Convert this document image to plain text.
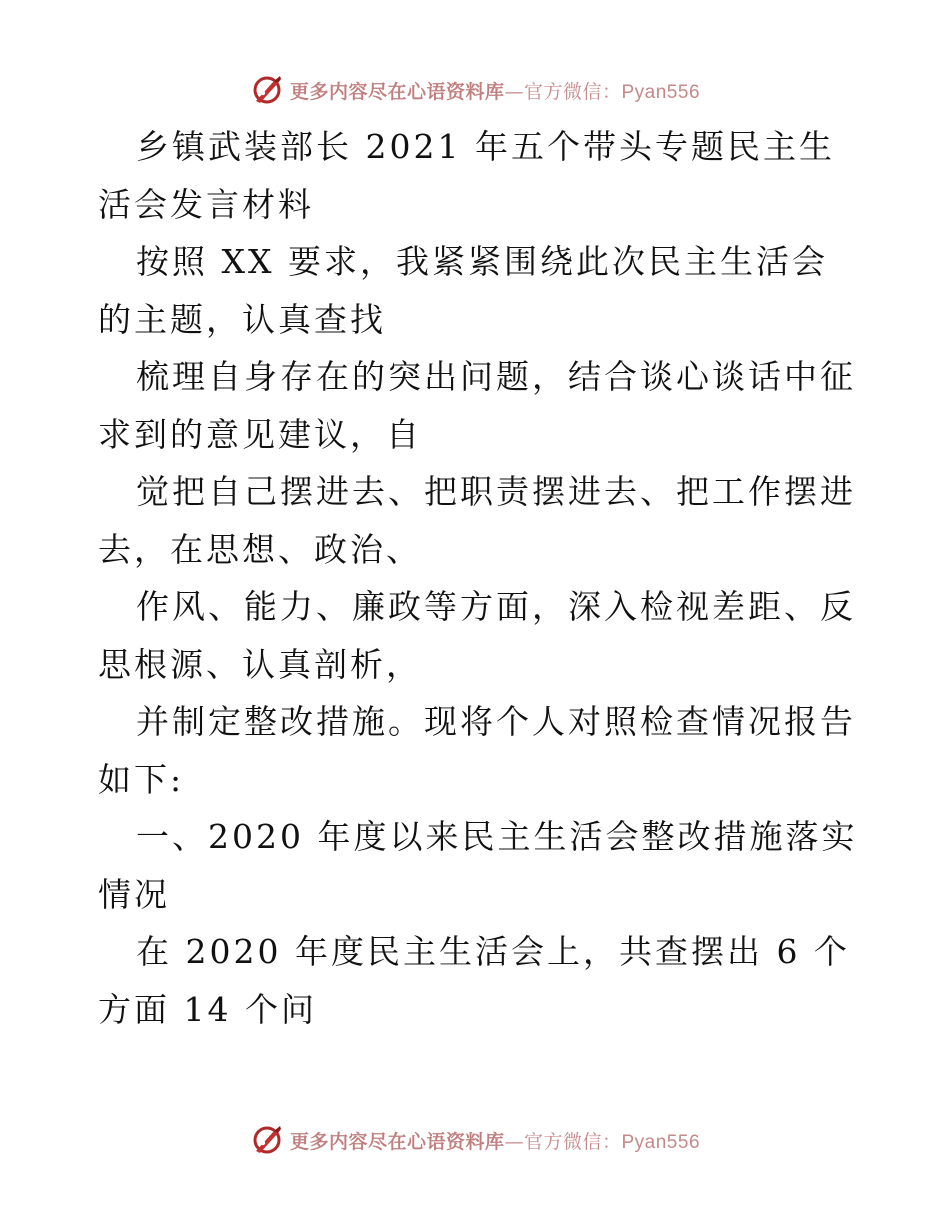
更多内容尽在心语资料库—官方微信：Pyan556

乡镇武装部长 2021 年五个带头专题民主生活会发言材料

按照 XX 要求，我紧紧围绕此次民主生活会的主题，认真查找

梳理自身存在的突出问题，结合谈心谈话中征求到的意见建议，自

觉把自己摆进去、把职责摆进去、把工作摆进去，在思想、政治、

作风、能力、廉政等方面，深入检视差距、反思根源、认真剖析，

并制定整改措施。现将个人对照检查情况报告如下:

一、2020 年度以来民主生活会整改措施落实情况

在 2020 年度民主生活会上，共查摆出 6 个方面 14 个问

更多内容尽在心语资料库—官方微信：Pyan556
